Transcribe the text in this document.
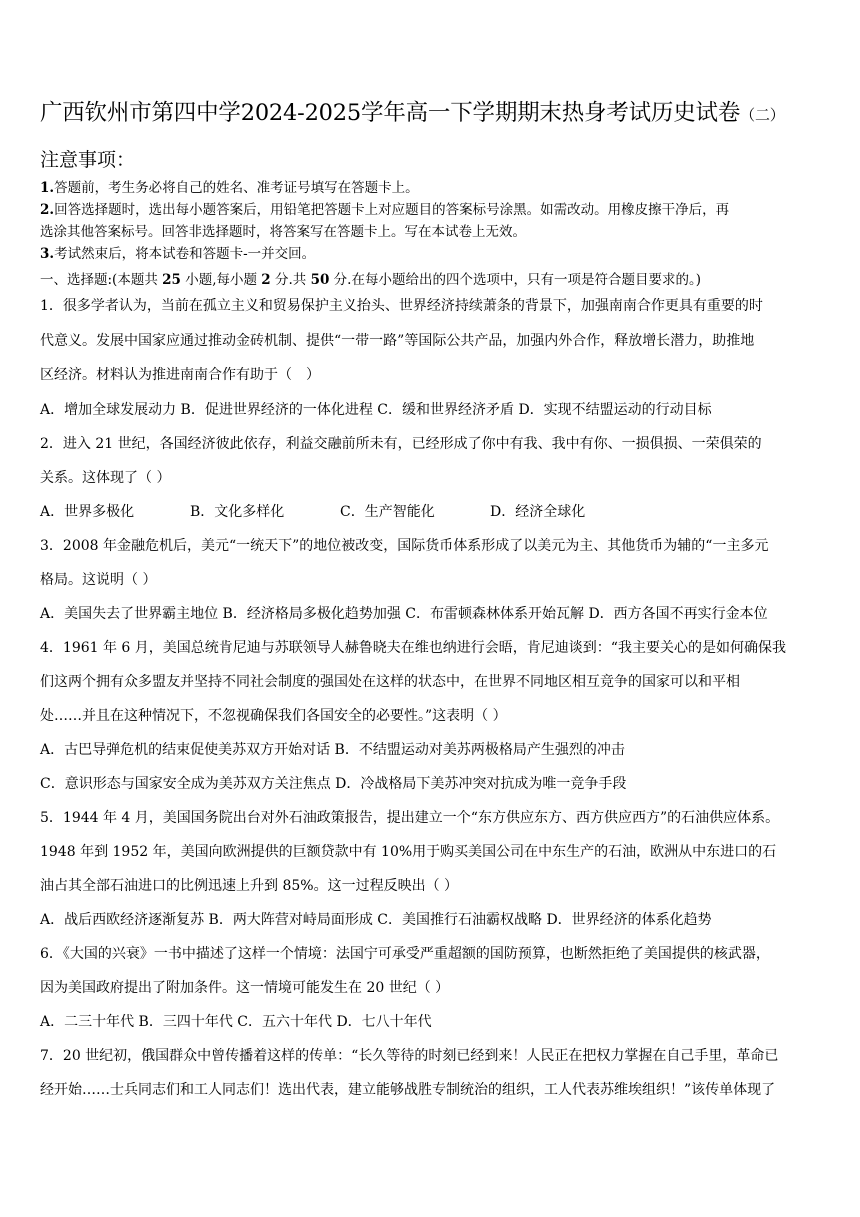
广西钦州市第四中学2024-2025学年高一下学期期末热身考试历史试卷（二）
注意事项：
1.答题前，考生务必将自己的姓名、准考证号填写在答题卡上。
2.回答选择题时，选出每小题答案后，用铅笔把答题卡上对应题目的答案标号涂黑。如需改动。用橡皮擦干净后，再
选涂其他答案标号。回答非选择题时，将答案写在答题卡上。写在本试卷上无效。
3.考试然束后，将本试卷和答题卡-一并交回。
一、选择题:(本题共 25 小题,每小题 2 分.共 50 分.在每小题给出的四个选项中，只有一项是符合题目要求的。)
1．很多学者认为，当前在孤立主义和贸易保护主义抬头、世界经济持续萧条的背景下，加强南南合作更具有重要的时
代意义。发展中国家应通过推动金砖机制、提供“一带一路”等国际公共产品，加强内外合作，释放增长潜力，助推地
区经济。材料认为推进南南合作有助于（　）
A．增加全球发展动力 B．促进世界经济的一体化进程 C．缓和世界经济矛盾 D．实现不结盟运动的行动目标
2．进入 21 世纪，各国经济彼此依存，利益交融前所未有，已经形成了你中有我、我中有你、一损俱损、一荣俱荣的
关系。这体现了（ ）
A．世界多极化	B．文化多样化	C．生产智能化	D．经济全球化
3．2008 年金融危机后，美元“一统天下”的地位被改变，国际货币体系形成了以美元为主、其他货币为辅的“一主多元
格局。这说明（ ）
A．美国失去了世界霸主地位 B．经济格局多极化趋势加强 C．布雷顿森林体系开始瓦解 D．西方各国不再实行金本位
4．1961 年 6 月，美国总统肯尼迪与苏联领导人赫鲁晓夫在维也纳进行会晤，肯尼迪谈到：“我主要关心的是如何确保我
们这两个拥有众多盟友并坚持不同社会制度的强国处在这样的状态中，在世界不同地区相互竞争的国家可以和平相
处……并且在这种情况下，不忽视确保我们各国安全的必要性。”这表明（ ）
A．古巴导弹危机的结束促使美苏双方开始对话 B．不结盟运动对美苏两极格局产生强烈的冲击
C．意识形态与国家安全成为美苏双方关注焦点 D．冷战格局下美苏冲突对抗成为唯一竞争手段
5．1944 年 4 月，美国国务院出台对外石油政策报告，提出建立一个“东方供应东方、西方供应西方”的石油供应体系。
1948 年到 1952 年，美国向欧洲提供的巨额贷款中有 10%用于购买美国公司在中东生产的石油，欧洲从中东进口的石
油占其全部石油进口的比例迅速上升到 85%。这一过程反映出（ ）
A．战后西欧经济逐渐复苏 B．两大阵营对峙局面形成 C．美国推行石油霸权战略 D．世界经济的体系化趋势
6．《大国的兴衰》一书中描述了这样一个情境：法国宁可承受严重超额的国防预算，也断然拒绝了美国提供的核武器，
因为美国政府提出了附加条件。这一情境可能发生在 20 世纪（ ）
A．二三十年代 B．三四十年代 C．五六十年代 D．七八十年代
7．20 世纪初，俄国群众中曾传播着这样的传单：“长久等待的时刻已经到来！人民正在把权力掌握在自己手里，革命已
经开始……士兵同志们和工人同志们！选出代表，建立能够战胜专制统治的组织，工人代表苏维埃组织！”该传单体现了
